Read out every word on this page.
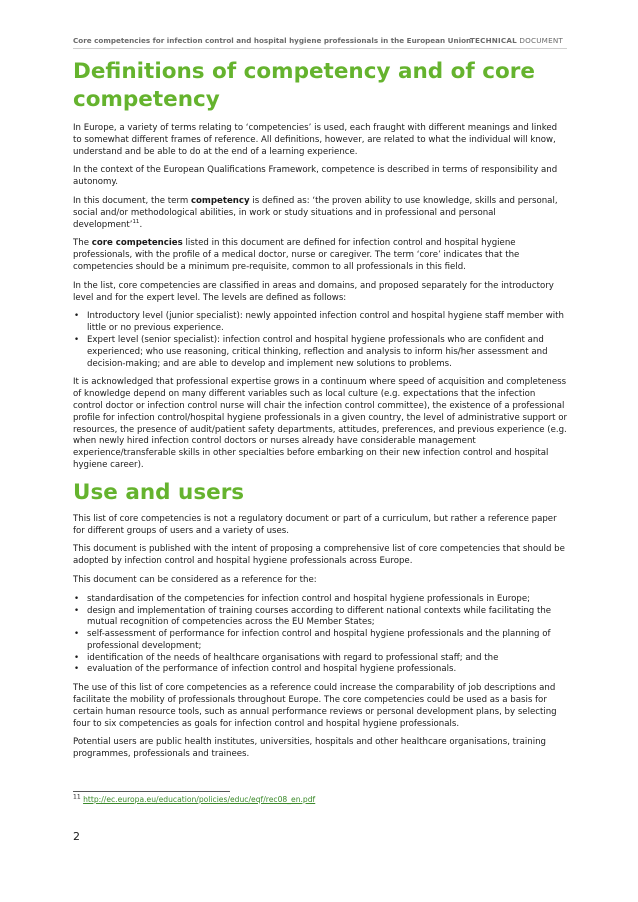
Core competencies for infection control and hospital hygiene professionals in the European Union
TECHNICAL DOCUMENT
Definitions of competency and of core competency

In Europe, a variety of terms relating to ‘competencies’ is used, each fraught with different meanings and linked to somewhat different frames of reference. All definitions, however, are related to what the individual will know, understand and be able to do at the end of a learning experience.

In the context of the European Qualifications Framework, competence is described in terms of responsibility and autonomy.

In this document, the term competency is defined as: ‘the proven ability to use knowledge, skills and personal, social and/or methodological abilities, in work or study situations and in professional and personal development’$^{11}$.

The core competencies listed in this document are defined for infection control and hospital hygiene professionals, with the profile of a medical doctor, nurse or caregiver. The term ‘core’ indicates that the competencies should be a minimum pre-requisite, common to all professionals in this field.

In the list, core competencies are classified in areas and domains, and proposed separately for the introductory level and for the expert level. The levels are defined as follows:

• Introductory level (junior specialist): newly appointed infection control and hospital hygiene staff member with little or no previous experience.
• Expert level (senior specialist): infection control and hospital hygiene professionals who are confident and experienced; who use reasoning, critical thinking, reflection and analysis to inform his/her assessment and decision-making; and are able to develop and implement new solutions to problems.

It is acknowledged that professional expertise grows in a continuum where speed of acquisition and completeness of knowledge depend on many different variables such as local culture (e.g. expectations that the infection control doctor or infection control nurse will chair the infection control committee), the existence of a professional profile for infection control/hospital hygiene professionals in a given country, the level of administrative support or resources, the presence of audit/patient safety departments, attitudes, preferences, and previous experience (e.g. when newly hired infection control doctors or nurses already have considerable management experience/transferable skills in other specialties before embarking on their new infection control and hospital hygiene career).

Use and users

This list of core competencies is not a regulatory document or part of a curriculum, but rather a reference paper for different groups of users and a variety of uses.

This document is published with the intent of proposing a comprehensive list of core competencies that should be adopted by infection control and hospital hygiene professionals across Europe.

This document can be considered as a reference for the:

• standardisation of the competencies for infection control and hospital hygiene professionals in Europe;
• design and implementation of training courses according to different national contexts while facilitating the mutual recognition of competencies across the EU Member States;
• self-assessment of performance for infection control and hospital hygiene professionals and the planning of professional development;
• identification of the needs of healthcare organisations with regard to professional staff; and the
• evaluation of the performance of infection control and hospital hygiene professionals.

The use of this list of core competencies as a reference could increase the comparability of job descriptions and facilitate the mobility of professionals throughout Europe. The core competencies could be used as a basis for certain human resource tools, such as annual performance reviews or personal development plans, by selecting four to six competencies as goals for infection control and hospital hygiene professionals.

Potential users are public health institutes, universities, hospitals and other healthcare organisations, training programmes, professionals and trainees.

$^{11}$ http://ec.europa.eu/education/policies/educ/eqf/rec08_en.pdf
2
